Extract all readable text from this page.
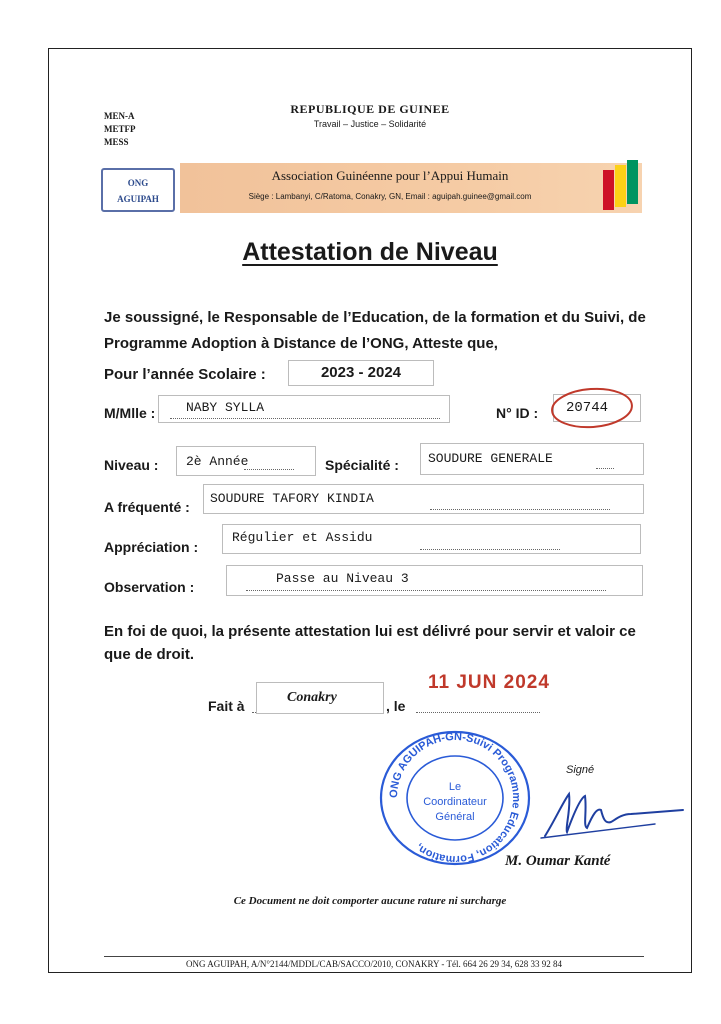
MEN-A
METFP
MESS
REPUBLIQUE DE GUINEE
Travail – Justice – Solidarité
ONG
AGUIPAH
Association Guinéenne pour l’Appui Humain
Siège : Lambanyi, C/Ratoma, Conakry, GN, Email : aguipah.guinee@gmail.com
Attestation de Niveau
Je soussigné, le Responsable de l’Education, de la formation et du Suivi, de Programme Adoption à Distance de l’ONG, Atteste que,
Pour l’année Scolaire :	2023 - 2024
M/Mlle : NABY SYLLA	N° ID : 20744
Niveau : 2è Année	Spécialité : SOUDURE GENERALE
A fréquenté :
SOUDURE TAFORY KINDIA
Appréciation :
Régulier et Assidu
Observation :
Passe au Niveau 3
En foi de quoi, la présente attestation lui est délivré pour servir et valoir ce que de droit.
Fait à
Conakry
, le
11 JUN 2024
ONG AGUIPAH-GN-Suivi Programme Education, Formation,
Le
Coordinateur
Général
Signé
M. Oumar Kanté
Ce Document ne doit comporter aucune rature ni surcharge
ONG AGUIPAH, A/N°2144/MDDL/CAB/SACCO/2010, CONAKRY - Tél. 664 26 29 34, 628 33 92 84
